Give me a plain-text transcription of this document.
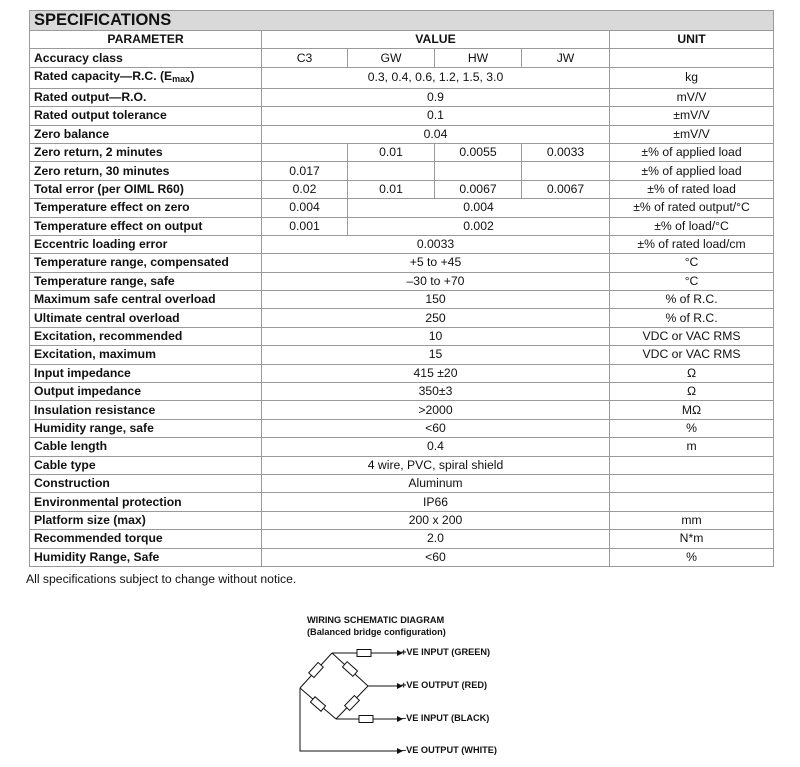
SPECIFICATIONS					
PARAMETER	VALUE				UNIT
Accuracy class	C3	GW	HW	JW	
Rated capacity—R.C. (Emax)	0.3, 0.4, 0.6, 1.2, 1.5, 3.0				kg
Rated output—R.O.	0.9				mV/V
Rated output tolerance	0.1				±mV/V
Zero balance	0.04				±mV/V
Zero return, 2 minutes		0.01	0.0055	0.0033	±% of applied load
Zero return, 30 minutes	0.017				±% of applied load
Total error (per OIML R60)	0.02	0.01	0.0067	0.0067	±% of rated load
Temperature effect on zero	0.004	0.004			±% of rated output/°C
Temperature effect on output	0.001	0.002			±% of load/°C
Eccentric loading error	0.0033				±% of rated load/cm
Temperature range, compensated	+5 to +45				°C
Temperature range, safe	–30 to +70				°C
Maximum safe central overload	150				% of R.C.
Ultimate central overload	250				% of R.C.
Excitation, recommended	10				VDC or VAC RMS
Excitation, maximum	15				VDC or VAC RMS
Input impedance	415 ±20				Ω
Output impedance	350±3				Ω
Insulation resistance	>2000				MΩ
Humidity range, safe	<60				%
Cable length	0.4				m
Cable type	4 wire, PVC, spiral shield				
Construction	Aluminum				
Environmental protection	IP66				
Platform size (max)	200 x 200				mm
Recommended torque	2.0				N*m
Humidity Range, Safe	<60				%
All specifications subject to change without notice.
WIRING SCHEMATIC DIAGRAM
(Balanced bridge configuration)
+VE INPUT (GREEN)
+VE OUTPUT (RED)
–VE INPUT (BLACK)
–VE OUTPUT (WHITE)
